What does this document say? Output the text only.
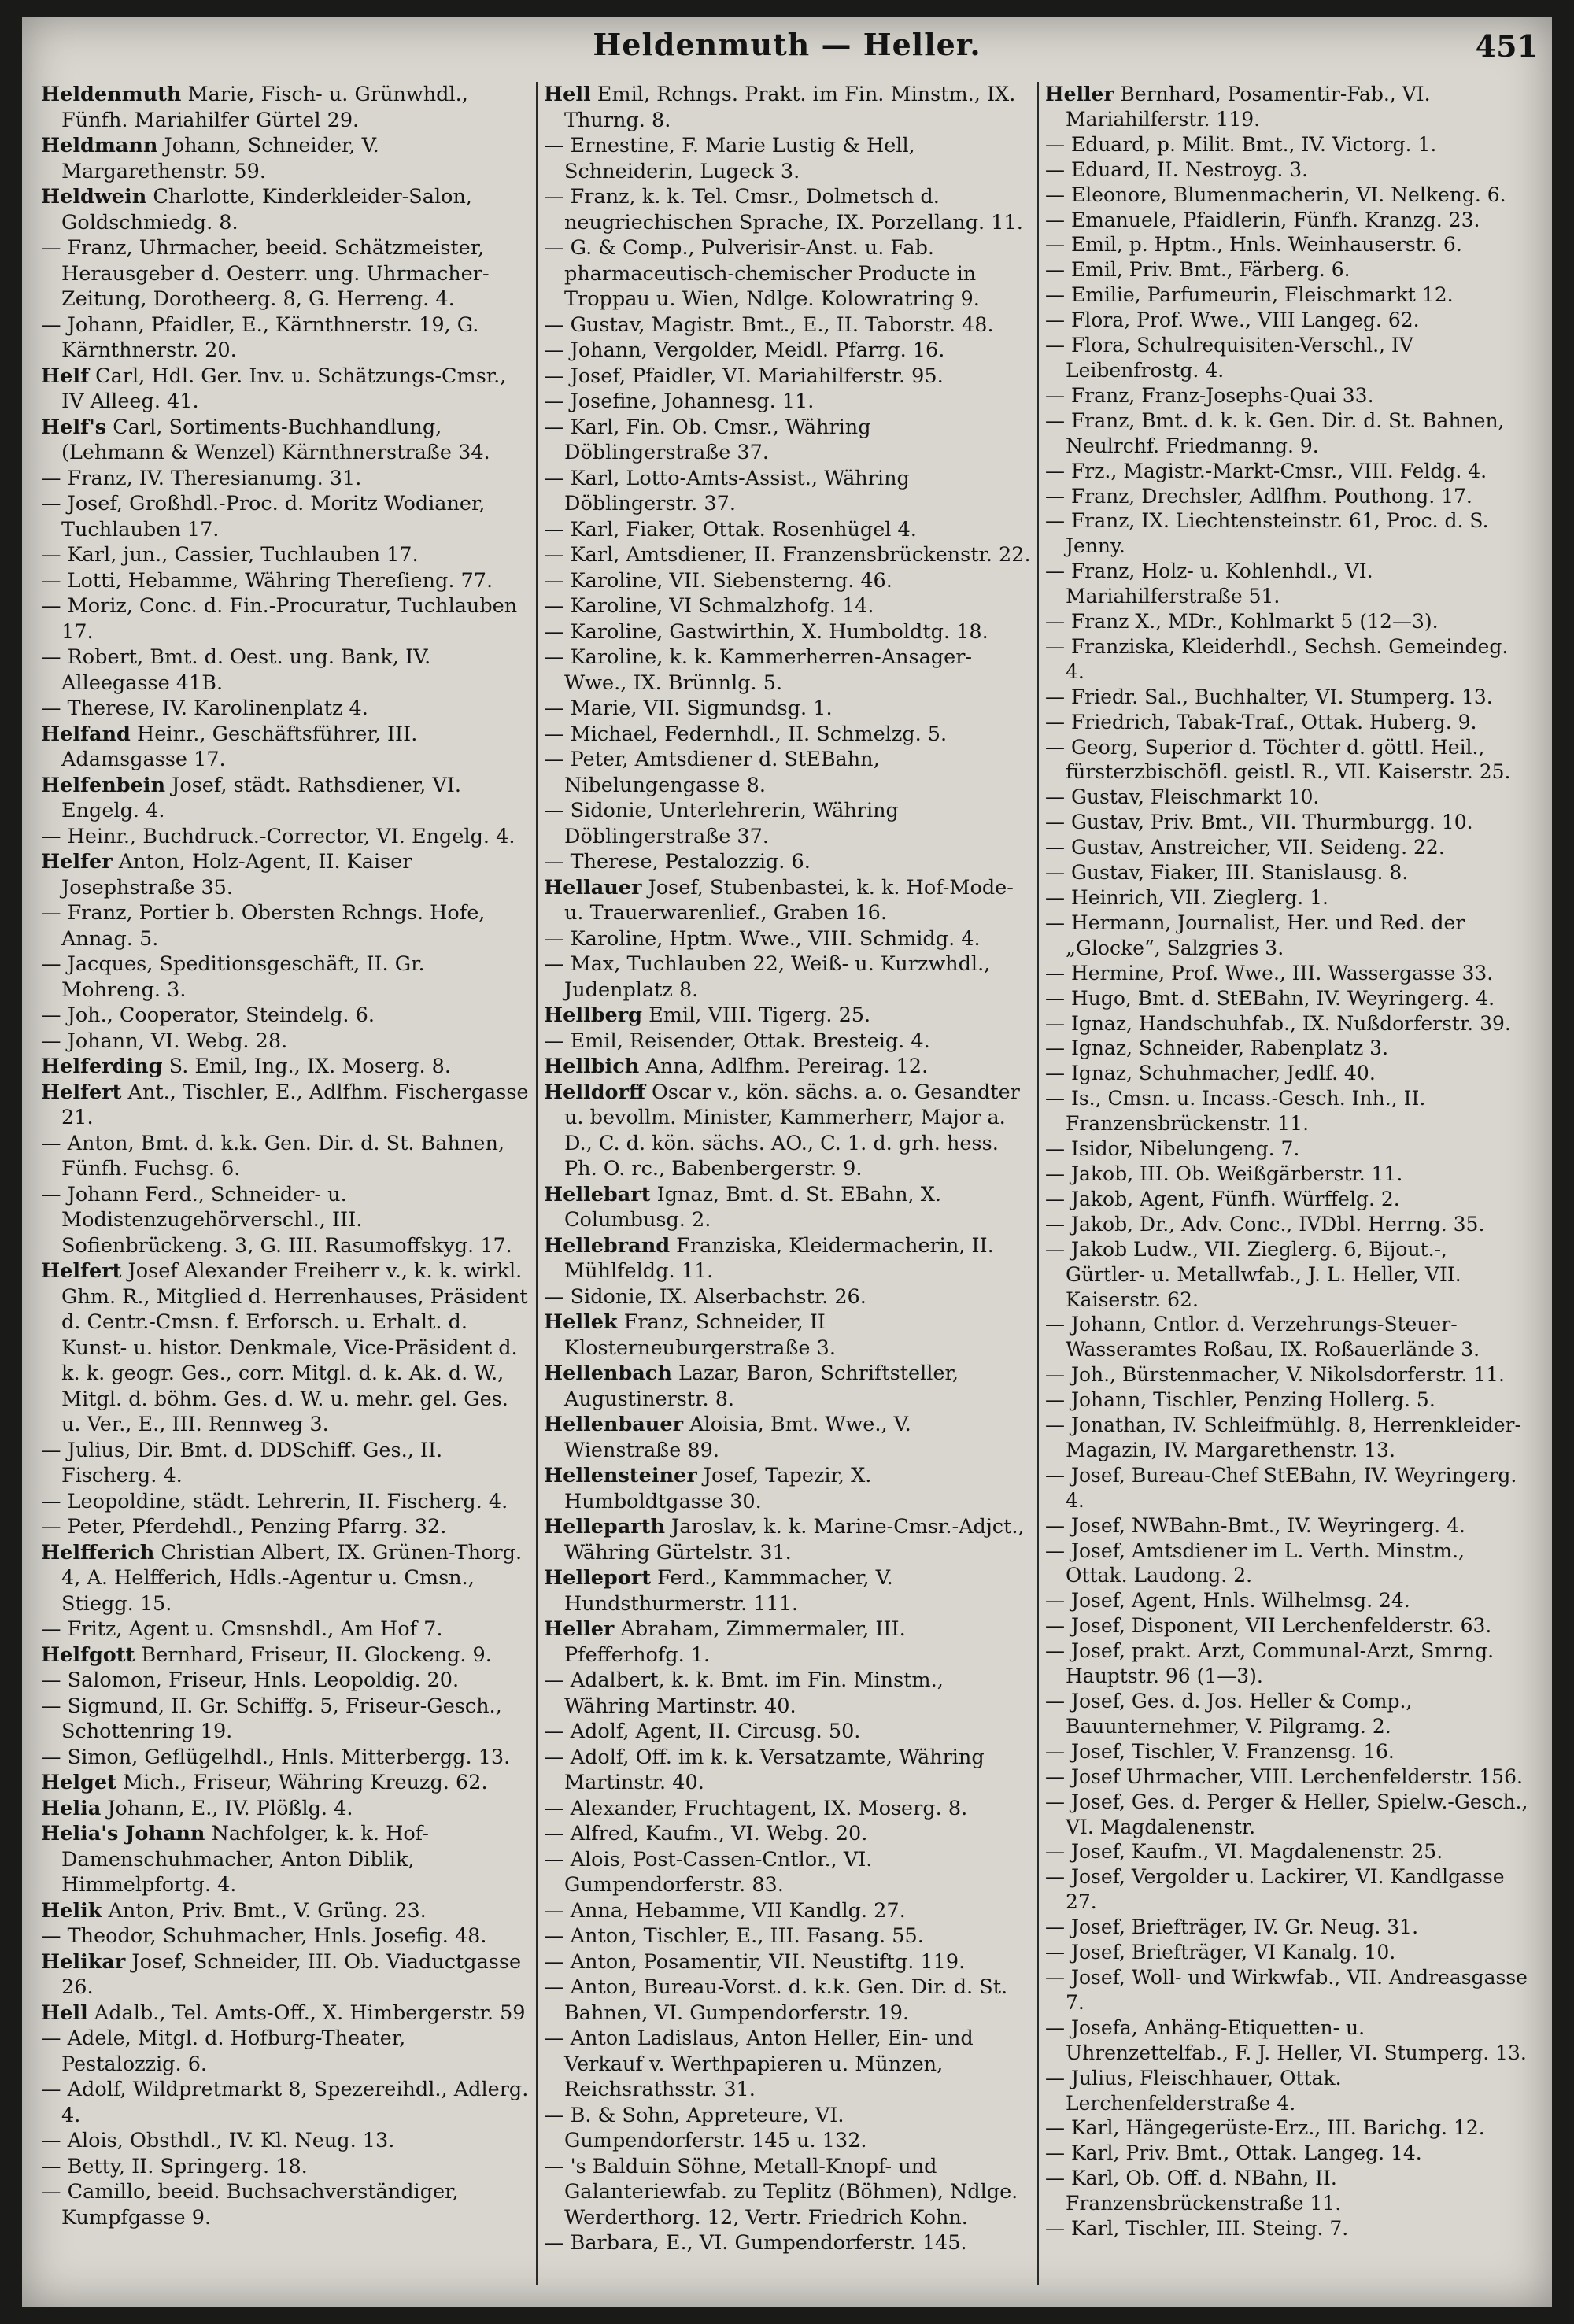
Heldenmuth — Heller.	451

Heldenmuth Marie, Fisch- u. Grünwhdl., Fünfh. Mariahilfer Gürtel 29.

Heldmann Johann, Schneider, V. Margarethenstr. 59.

Heldwein Charlotte, Kinderkleider-Salon, Goldschmiedg. 8.

— Franz, Uhrmacher, beeid. Schätzmeister, Herausgeber d. Oesterr. ung. Uhrmacher-Zeitung, Dorotheerg. 8, G. Herreng. 4.

— Johann, Pfaidler, E., Kärnthnerstr. 19, G. Kärnthnerstr. 20.

Helf Carl, Hdl. Ger. Inv. u. Schätzungs-Cmsr., IV Alleeg. 41.

Helf's Carl, Sortiments-Buchhandlung, (Lehmann & Wenzel) Kärnthnerstraße 34.

— Franz, IV. Theresianumg. 31.

— Josef, Großhdl.-Proc. d. Moritz Wodianer, Tuchlauben 17.

— Karl, jun., Cassier, Tuchlauben 17.

— Lotti, Hebamme, Währing Thereſieng. 77.

— Moriz, Conc. d. Fin.-Procuratur, Tuchlauben 17.

— Robert, Bmt. d. Oest. ung. Bank, IV. Alleegasse 41B.

— Therese, IV. Karolinenplatz 4.

Helfand Heinr., Geschäftsführer, III. Adamsgasse 17.

Helfenbein Josef, städt. Rathsdiener, VI. Engelg. 4.

— Heinr., Buchdruck.-Corrector, VI. Engelg. 4.

Helfer Anton, Holz-Agent, II. Kaiser Josephstraße 35.

— Franz, Portier b. Obersten Rchngs. Hofe, Annag. 5.

— Jacques, Speditionsgeschäft, II. Gr. Mohreng. 3.

— Joh., Cooperator, Steindelg. 6.

— Johann, VI. Webg. 28.

Helferding S. Emil, Ing., IX. Moserg. 8.

Helfert Ant., Tischler, E., Adlfhm. Fischergasse 21.

— Anton, Bmt. d. k.k. Gen. Dir. d. St. Bahnen, Fünfh. Fuchsg. 6.

— Johann Ferd., Schneider- u. Modistenzugehörverschl., III. Sofienbrückeng. 3, G. III. Rasumoffskyg. 17.

Helfert Josef Alexander Freiherr v., k. k. wirkl. Ghm. R., Mitglied d. Herrenhauses, Präsident d. Centr.-Cmsn. f. Erforsch. u. Erhalt. d. Kunst- u. histor. Denkmale, Vice-Präsident d. k. k. geogr. Ges., corr. Mitgl. d. k. Ak. d. W., Mitgl. d. böhm. Ges. d. W. u. mehr. gel. Ges. u. Ver., E., III. Rennweg 3.

— Julius, Dir. Bmt. d. DDSchiff. Ges., II. Fischerg. 4.

— Leopoldine, städt. Lehrerin, II. Fischerg. 4.

— Peter, Pferdehdl., Penzing Pfarrg. 32.

Helfferich Christian Albert, IX. Grünen-Thorg. 4, A. Helfferich, Hdls.-Agentur u. Cmsn., Stiegg. 15.

— Fritz, Agent u. Cmsnshdl., Am Hof 7.

Helfgott Bernhard, Friseur, II. Glockeng. 9.

— Salomon, Friseur, Hnls. Leopoldig. 20.

— Sigmund, II. Gr. Schiffg. 5, Friseur-Gesch., Schottenring 19.

— Simon, Geflügelhdl., Hnls. Mitterbergg. 13.

Helget Mich., Friseur, Währing Kreuzg. 62.

Helia Johann, E., IV. Plößlg. 4.

Helia's Johann Nachfolger, k. k. Hof-Damenschuhmacher, Anton Diblik, Himmelpfortg. 4.

Helik Anton, Priv. Bmt., V. Grüng. 23.

— Theodor, Schuhmacher, Hnls. Josefig. 48.

Helikar Josef, Schneider, III. Ob. Viaductgasse 26.

Hell Adalb., Tel. Amts-Off., X. Himbergerstr. 59

— Adele, Mitgl. d. Hofburg-Theater, Pestalozzig. 6.

— Adolf, Wildpretmarkt 8, Spezereihdl., Adlerg. 4.

— Alois, Obsthdl., IV. Kl. Neug. 13.

— Betty, II. Springerg. 18.

— Camillo, beeid. Buchsachverständiger, Kumpfgasse 9.

Hell Emil, Rchngs. Prakt. im Fin. Minstm., IX. Thurng. 8.

— Ernestine, F. Marie Lustig & Hell, Schneiderin, Lugeck 3.

— Franz, k. k. Tel. Cmsr., Dolmetsch d. neugriechischen Sprache, IX. Porzellang. 11.

— G. & Comp., Pulverisir-Anst. u. Fab. pharmaceutisch-chemischer Producte in Troppau u. Wien, Ndlge. Kolowratring 9.

— Gustav, Magistr. Bmt., E., II. Taborstr. 48.

— Johann, Vergolder, Meidl. Pfarrg. 16.

— Josef, Pfaidler, VI. Mariahilferstr. 95.

— Josefine, Johannesg. 11.

— Karl, Fin. Ob. Cmsr., Währing Döblingerstraße 37.

— Karl, Lotto-Amts-Assist., Währing Döblingerstr. 37.

— Karl, Fiaker, Ottak. Rosenhügel 4.

— Karl, Amtsdiener, II. Franzensbrückenstr. 22.

— Karoline, VII. Siebensterng. 46.

— Karoline, VI Schmalzhofg. 14.

— Karoline, Gastwirthin, X. Humboldtg. 18.

— Karoline, k. k. Kammerherren-Ansager-Wwe., IX. Brünnlg. 5.

— Marie, VII. Sigmundsg. 1.

— Michael, Federnhdl., II. Schmelzg. 5.

— Peter, Amtsdiener d. StEBahn, Nibelungengasse 8.

— Sidonie, Unterlehrerin, Währing Döblingerstraße 37.

— Therese, Pestalozzig. 6.

Hellauer Josef, Stubenbastei, k. k. Hof-Mode- u. Trauerwarenlief., Graben 16.

— Karoline, Hptm. Wwe., VIII. Schmidg. 4.

— Max, Tuchlauben 22, Weiß- u. Kurzwhdl., Judenplatz 8.

Hellberg Emil, VIII. Tigerg. 25.

— Emil, Reisender, Ottak. Bresteig. 4.

Hellbich Anna, Adlfhm. Pereirag. 12.

Helldorff Oscar v., kön. sächs. a. o. Gesandter u. bevollm. Minister, Kammerherr, Major a. D., C. d. kön. sächs. AO., C. 1. d. grh. hess. Ph. O. rc., Babenbergerstr. 9.

Hellebart Ignaz, Bmt. d. St. EBahn, X. Columbusg. 2.

Hellebrand Franziska, Kleidermacherin, II. Mühlfeldg. 11.

— Sidonie, IX. Alserbachstr. 26.

Hellek Franz, Schneider, II Klosterneuburgerstraße 3.

Hellenbach Lazar, Baron, Schriftsteller, Augustinerstr. 8.

Hellenbauer Aloisia, Bmt. Wwe., V. Wienstraße 89.

Hellensteiner Josef, Tapezir, X. Humboldtgasse 30.

Helleparth Jaroslav, k. k. Marine-Cmsr.-Adjct., Währing Gürtelstr. 31.

Helleport Ferd., Kammmacher, V. Hundsthurmerstr. 111.

Heller Abraham, Zimmermaler, III. Pfefferhofg. 1.

— Adalbert, k. k. Bmt. im Fin. Minstm., Währing Martinstr. 40.

— Adolf, Agent, II. Circusg. 50.

— Adolf, Off. im k. k. Versatzamte, Währing Martinstr. 40.

— Alexander, Fruchtagent, IX. Moserg. 8.

— Alfred, Kaufm., VI. Webg. 20.

— Alois, Post-Cassen-Cntlor., VI. Gumpendorferstr. 83.

— Anna, Hebamme, VII Kandlg. 27.

— Anton, Tischler, E., III. Fasang. 55.

— Anton, Posamentir, VII. Neustiftg. 119.

— Anton, Bureau-Vorst. d. k.k. Gen. Dir. d. St. Bahnen, VI. Gumpendorferstr. 19.

— Anton Ladislaus, Anton Heller, Ein- und Verkauf v. Werthpapieren u. Münzen, Reichsrathsstr. 31.

— B. & Sohn, Appreteure, VI. Gumpendorferstr. 145 u. 132.

— 's Balduin Söhne, Metall-Knopf- und Galanteriewfab. zu Teplitz (Böhmen), Ndlge. Werderthorg. 12, Vertr. Friedrich Kohn.

— Barbara, E., VI. Gumpendorferstr. 145.

Heller Bernhard, Posamentir-Fab., VI. Mariahilferstr. 119.

— Eduard, p. Milit. Bmt., IV. Victorg. 1.

— Eduard, II. Nestroyg. 3.

— Eleonore, Blumenmacherin, VI. Nelkeng. 6.

— Emanuele, Pfaidlerin, Fünfh. Kranzg. 23.

— Emil, p. Hptm., Hnls. Weinhauserstr. 6.

— Emil, Priv. Bmt., Färberg. 6.

— Emilie, Parfumeurin, Fleischmarkt 12.

— Flora, Prof. Wwe., VIII Langeg. 62.

— Flora, Schulrequisiten-Verschl., IV Leibenfrostg. 4.

— Franz, Franz-Josephs-Quai 33.

— Franz, Bmt. d. k. k. Gen. Dir. d. St. Bahnen, Neulrchf. Friedmanng. 9.

— Frz., Magistr.-Markt-Cmsr., VIII. Feldg. 4.

— Franz, Drechsler, Adlfhm. Pouthong. 17.

— Franz, IX. Liechtensteinstr. 61, Proc. d. S. Jenny.

— Franz, Holz- u. Kohlenhdl., VI. Mariahilferstraße 51.

— Franz X., MDr., Kohlmarkt 5 (12—3).

— Franziska, Kleiderhdl., Sechsh. Gemeindeg. 4.

— Friedr. Sal., Buchhalter, VI. Stumperg. 13.

— Friedrich, Tabak-Traf., Ottak. Huberg. 9.

— Georg, Superior d. Töchter d. göttl. Heil., fürsterzbischöfl. geistl. R., VII. Kaiserstr. 25.

— Gustav, Fleischmarkt 10.

— Gustav, Priv. Bmt., VII. Thurmburgg. 10.

— Gustav, Anstreicher, VII. Seideng. 22.

— Gustav, Fiaker, III. Stanislausg. 8.

— Heinrich, VII. Zieglerg. 1.

— Hermann, Journalist, Her. und Red. der „Glocke“, Salzgries 3.

— Hermine, Prof. Wwe., III. Wassergasse 33.

— Hugo, Bmt. d. StEBahn, IV. Weyringerg. 4.

— Ignaz, Handschuhfab., IX. Nußdorferstr. 39.

— Ignaz, Schneider, Rabenplatz 3.

— Ignaz, Schuhmacher, Jedlf. 40.

— Is., Cmsn. u. Incass.-Gesch. Inh., II. Franzensbrückenstr. 11.

— Isidor, Nibelungeng. 7.

— Jakob, III. Ob. Weißgärberstr. 11.

— Jakob, Agent, Fünfh. Würffelg. 2.

— Jakob, Dr., Adv. Conc., IVDbl. Herrng. 35.

— Jakob Ludw., VII. Zieglerg. 6, Bijout.-, Gürtler- u. Metallwfab., J. L. Heller, VII. Kaiserstr. 62.

— Johann, Cntlor. d. Verzehrungs-Steuer-Wasseramtes Roßau, IX. Roßauerlände 3.

— Joh., Bürstenmacher, V. Nikolsdorferstr. 11.

— Johann, Tischler, Penzing Hollerg. 5.

— Jonathan, IV. Schleifmühlg. 8, Herrenkleider-Magazin, IV. Margarethenstr. 13.

— Josef, Bureau-Chef StEBahn, IV. Weyringerg. 4.

— Josef, NWBahn-Bmt., IV. Weyringerg. 4.

— Josef, Amtsdiener im L. Verth. Minstm., Ottak. Laudong. 2.

— Josef, Agent, Hnls. Wilhelmsg. 24.

— Josef, Disponent, VII Lerchenfelderstr. 63.

— Josef, prakt. Arzt, Communal-Arzt, Smrng. Hauptstr. 96 (1—3).

— Josef, Ges. d. Jos. Heller & Comp., Bauunternehmer, V. Pilgramg. 2.

— Josef, Tischler, V. Franzensg. 16.

— Josef Uhrmacher, VIII. Lerchenfelderstr. 156.

— Josef, Ges. d. Perger & Heller, Spielw.-Gesch., VI. Magdalenenstr.

— Josef, Kaufm., VI. Magdalenenstr. 25.

— Josef, Vergolder u. Lackirer, VI. Kandlgasse 27.

— Josef, Briefträger, IV. Gr. Neug. 31.

— Josef, Briefträger, VI Kanalg. 10.

— Josef, Woll- und Wirkwfab., VII. Andreasgasse 7.

— Josefa, Anhäng-Etiquetten- u. Uhrenzettelfab., F. J. Heller, VI. Stumperg. 13.

— Julius, Fleischhauer, Ottak. Lerchenfelderstraße 4.

— Karl, Hängegerüste-Erz., III. Barichg. 12.

— Karl, Priv. Bmt., Ottak. Langeg. 14.

— Karl, Ob. Off. d. NBahn, II. Franzensbrückenstraße 11.

— Karl, Tischler, III. Steing. 7.
